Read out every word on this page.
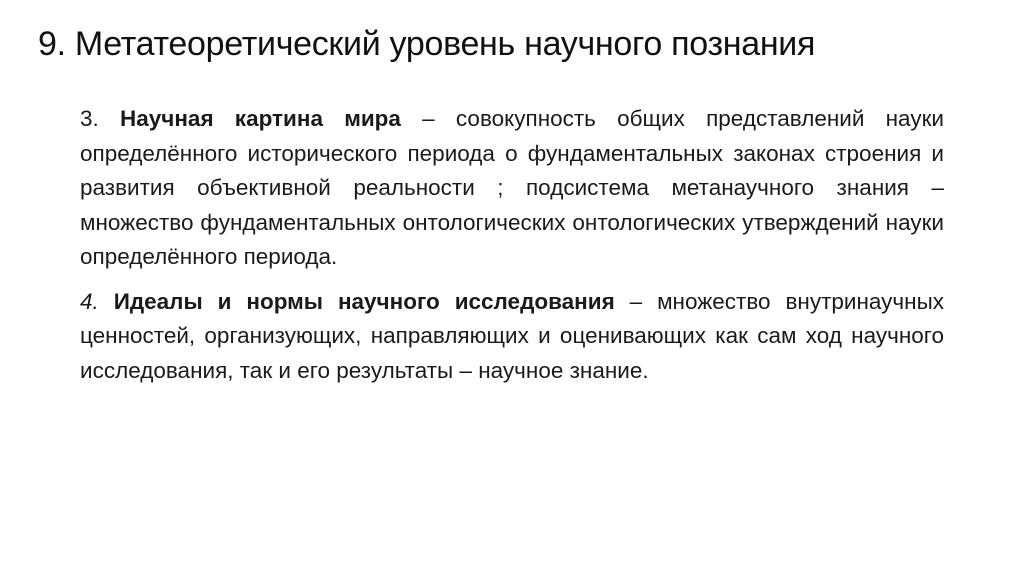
9. Метатеоретический уровень научного познания

3. Научная картина мира – совокупность общих представлений науки определённого исторического периода о фундаментальных законах строения и развития объективной реальности ; подсистема метанаучного знания – множество фундаментальных онтологических онтологических утверждений науки определённого периода.

4. Идеалы и нормы научного исследования – множество внутринаучных ценностей, организующих, направляющих и оценивающих как сам ход научного исследования, так и его результаты – научное знание.
